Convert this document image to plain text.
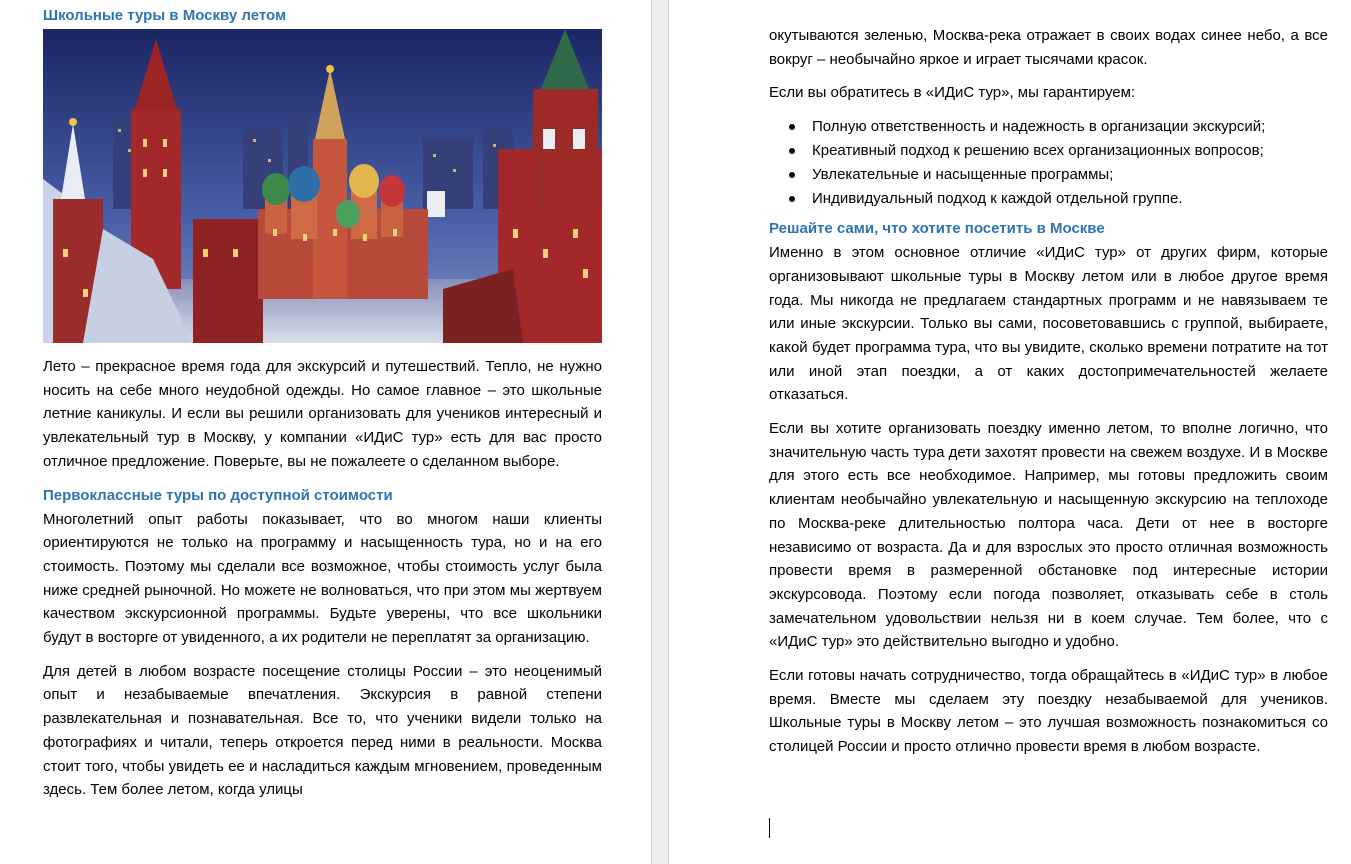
Школьные туры в Москву летом

Лето – прекрасное время года для экскурсий и путешествий. Тепло, не нужно носить на себе много неудобной одежды. Но самое главное – это школьные летние каникулы. И если вы решили организовать для учеников интересный и увлекательный тур в Москву, у компании «ИДиС тур» есть для вас просто отличное предложение. Поверьте, вы не пожалеете о сделанном выборе.

Первоклассные туры по доступной стоимости

Многолетний опыт работы показывает, что во многом наши клиенты ориентируются не только на программу и насыщенность тура, но и на его стоимость. Поэтому мы сделали все возможное, чтобы стоимость услуг была ниже средней рыночной. Но можете не волноваться, что при этом мы жертвуем качеством экскурсионной программы. Будьте уверены, что все школьники будут в восторге от увиденного, а их родители не переплатят за организацию.

Для детей в любом возрасте посещение столицы России – это неоценимый опыт и незабываемые впечатления. Экскурсия в равной степени развлекательная и познавательная. Все то, что ученики видели только на фотографиях и читали, теперь откроется перед ними в реальности. Москва стоит того, чтобы увидеть ее и насладиться каждым мгновением, проведенным здесь. Тем более летом, когда улицы

окутываются зеленью, Москва-река отражает в своих водах синее небо, а все вокруг – необычайно яркое и играет тысячами красок.

Если вы обратитесь в «ИДиС тур», мы гарантируем:

Полную ответственность и надежность в организации экскурсий;
Креативный подход к решению всех организационных вопросов;
Увлекательные и насыщенные программы;
Индивидуальный подход к каждой отдельной группе.
Решайте сами, что хотите посетить в Москве

Именно в этом основное отличие «ИДиС тур» от других фирм, которые организовывают школьные туры в Москву летом или в любое другое время года. Мы никогда не предлагаем стандартных программ и не навязываем те или иные экскурсии. Только вы сами, посоветовавшись с группой, выбираете, какой будет программа тура, что вы увидите, сколько времени потратите на тот или иной этап поездки, а от каких достопримечательностей желаете отказаться.

Если вы хотите организовать поездку именно летом, то вполне логично, что значительную часть тура дети захотят провести на свежем воздухе. И в Москве для этого есть все необходимое. Например, мы готовы предложить своим клиентам необычайно увлекательную и насыщенную экскурсию на теплоходе по Москва-реке длительностью полтора часа. Дети от нее в восторге независимо от возраста. Да и для взрослых это просто отличная возможность провести время в размеренной обстановке под интересные истории экскурсовода. Поэтому если погода позволяет, отказывать себе в столь замечательном удовольствии нельзя ни в коем случае. Тем более, что с «ИДиС тур» это действительно выгодно и удобно.

Если готовы начать сотрудничество, тогда обращайтесь в «ИДиС тур» в любое время. Вместе мы сделаем эту поездку незабываемой для учеников. Школьные туры в Москву летом – это лучшая возможность познакомиться со столицей России и просто отлично провести время в любом возрасте.
